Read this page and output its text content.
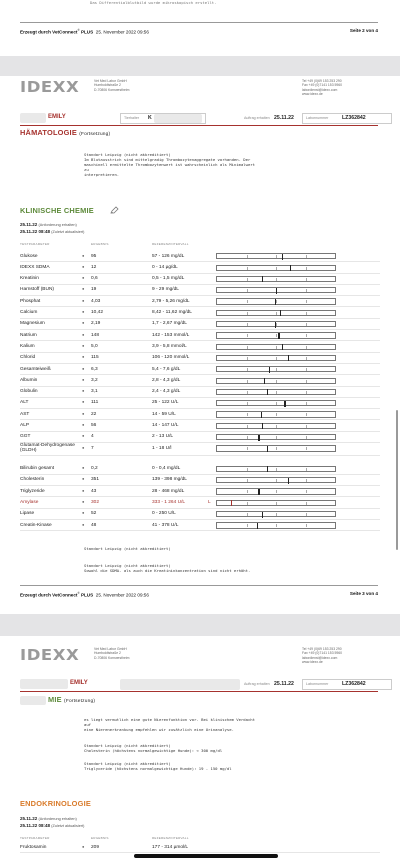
Das Differentialblutbild wurde mikroskopisch erstellt.
Erzeugt durch VetConnect® PLUS 25. November 2022 09:56	Seite 2 von 4
IDEXX	Vet Med Labor GmbH
Humboldtstraße 2
D-70806 Kornwestheim
Tel +49 (0)69 153 253 290
Fax +49 (0)7141 153 5960
labordienst@idexx.com
www.idexx.de
EMILY	Tierhalter K	Auftrag erhalten 25.11.22	Labornummer	LZ362842
HÄMATOLOGIE (Fortsetzung)
Standort Leipzig (nicht akkreditiert)
Im Blutausstrich sind mittelgradig Thrombozytenaggregate vorhanden. Der
maschinell ermittelte Thrombozytenwert ist wahrscheinlich als Minimalwert
zu
interpretieren.
KLINISCHE CHEMIE
25.11.22 (Anforderung erhalten)
25.11.22 08:48 (Zuletzt aktualisiert)
TESTPARAMETER	ERGEBNIS	REFERENZINTERVALL
Glukose	● 95	57 - 126 mg/dL
IDEXX SDMA	● 12	0 - 14 µg/dL
Kreatinin	● 0,6	0,5 - 1,5 mg/dL
Harnstoff (BUN)	● 19	9 - 29 mg/dL
Phosphat	● 4,03	2,79 - 5,26 mg/dL
Calcium	● 10,42	8,42 - 11,62 mg/dL
Magnesium	● 2,19	1,7 - 2,67 mg/dL
Natrium	● 148	142 - 153 mmol/L
Kalium	● 5,0	3,9 - 5,8 mmol/L
Chlorid	● 115	106 - 120 mmol/L
Gesamteiweiß	● 6,3	5,4 - 7,6 g/dL
Albumin	● 3,2	2,8 - 4,3 g/dL
Globulin	● 3,1	2,4 - 4,3 g/dL
ALT	● 111	25 - 122 U/L
AST	● 22	14 - 59 U/L
ALP	● 56	14 - 147 U/L
GGT	● 4	2 - 13 U/L
Glutamat-Dehydrogenase
(GLDH)
● 7	1 - 18 U/l
Bilirubin gesamt	● 0,2	0 - 0,4 mg/dL
Cholesterin	● 351	139 - 398 mg/dL
Triglyzeride	● 43	28 - 468 mg/dL
Amylase	● 302	333 - 1 264 U/L	L
Lipase	● 52	0 - 250 U/L
Creatin-Kinase	● 48	41 - 378 U/L
Standort Leipzig (nicht akkreditiert)
Standort Leipzig (nicht akkreditiert)
Sowohl die SDMA- als auch die Kreatininkonzentration sind nicht erhöht.
Erzeugt durch VetConnect® PLUS 25. November 2022 09:56	Seite 3 von 4
IDEXX	Vet Med Labor GmbH
Humboldtstraße 2
D-70806 Kornwestheim
Tel +49 (0)69 153 253 290
Fax +49 (0)7141 153 5960
labordienst@idexx.com
www.idexx.de
EMILY	Auftrag erhalten 25.11.22	Labornummer	LZ362842
MIE (Fortsetzung)
es liegt vermutlich eine gute Nierenfunktion vor. Bei klinischem Verdacht
auf
eine Nierenerkrankung empfehlen wir zusätzlich eine Urinanalyse.
Standort Leipzig (nicht akkreditiert)
Cholesterin (höchstens normalgewichtige Hunde): < 300 mg/dl
Standort Leipzig (nicht akkreditiert)
Triglyceride (höchstens normalgewichtige Hunde): 19 - 150 mg/dl
ENDOKRINOLOGIE
25.11.22 (Anforderung erhalten)
25.11.22 08:48 (Zuletzt aktualisiert)
TESTPARAMETER	ERGEBNIS	REFERENZINTERVALL
Fruktosamin	● 209	177 - 314 µmol/L
